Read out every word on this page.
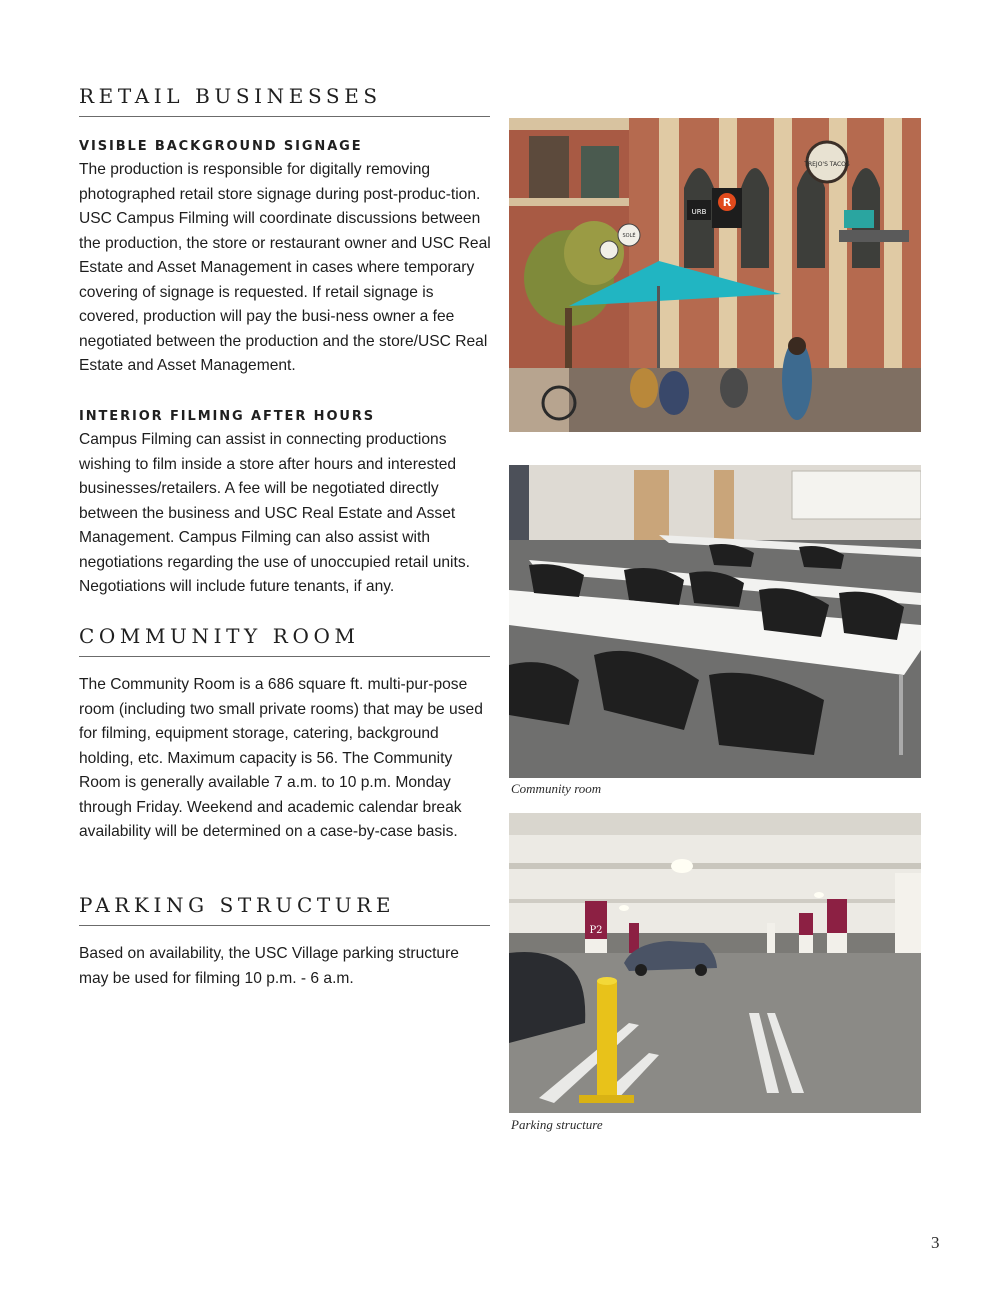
RETAIL BUSINESSES
VISIBLE BACKGROUND SIGNAGE

The production is responsible for digitally removing photographed retail store signage during post-produc-tion. USC Campus Filming will coordinate discussions between the production, the store or restaurant owner and USC Real Estate and Asset Management in cases where temporary covering of signage is requested. If retail signage is covered, production will pay the busi-ness owner a fee negotiated between the production and the store/USC Real Estate and Asset Management.

INTERIOR FILMING AFTER HOURS

Campus Filming can assist in connecting productions wishing to film inside a store after hours and interested businesses/retailers. A fee will be negotiated directly between the business and USC Real Estate and Asset Management. Campus Filming can also assist with negotiations regarding the use of unoccupied retail units. Negotiations will include future tenants, if any.

COMMUNITY ROOM

The Community Room is a 686 square ft. multi-pur-pose room (including two small private rooms) that may be used for filming, equipment storage, catering, background holding, etc. Maximum capacity is 56. The Community Room is generally available 7 a.m. to 10 p.m. Monday through Friday. Weekend and academic calendar break availability will be determined on a case-by-case basis.

PARKING STRUCTURE

Based on availability, the USC Village parking structure may be used for filming 10 p.m. - 6 a.m.

TREJO'S TACOS
R
URB
SOLÉ
Community room
P2
Parking structure
3
